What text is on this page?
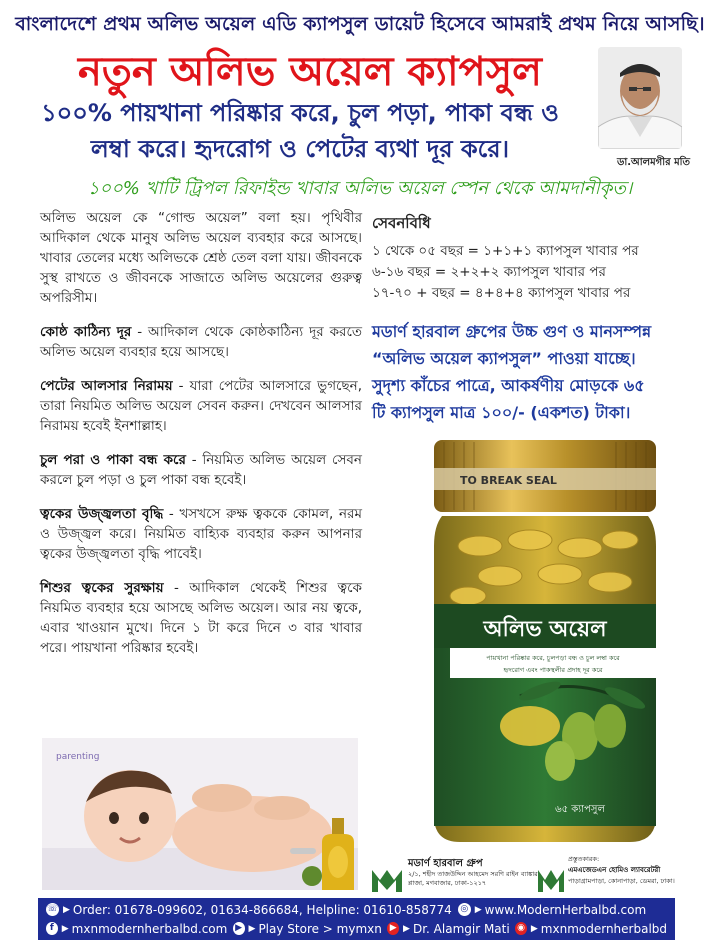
বাংলাদেশে প্রথম অলিভ অয়েল এডি ক্যাপসুল ডায়েট হিসেবে আমরাই প্রথম নিয়ে আসছি।
নতুন অলিভ অয়েল ক্যাপসুল
১০০% পায়খানা পরিষ্কার করে, চুল পড়া, পাকা বন্ধ ও
লম্বা করে। হৃদরোগ ও পেটের ব্যথা দূর করে।	ডা.আলমগীর মতি
১০০% খাটি ট্রিপল রিফাইন্ড খাবার অলিভ অয়েল স্পেন থেকে আমদানীকৃত।

অলিভ অয়েল কে “গোল্ড অয়েল” বলা হয়। পৃথিবীর আদিকাল থেকে মানুষ অলিভ অয়েল ব্যবহার করে আসছে। খাবার তেলের মধ্যে অলিভকে শ্রেষ্ঠ তেল বলা যায়। জীবনকে সুস্থ রাখতে ও জীবনকে সাজাতে অলিভ অয়েলের গুরুত্ব অপরিসীম।

কোষ্ঠ কাঠিন্য দূর - আদিকাল থেকে কোষ্ঠকাঠিন্য দূর করতে অলিভ অয়েল ব্যবহার হয়ে আসছে।

পেটের আলসার নিরাময় - যারা পেটের আলসারে ভুগছেন, তারা নিয়মিত অলিভ অয়েল সেবন করুন। দেখবেন আলসার নিরাময় হবেই ইনশাল্লাহ।

চুল পরা ও পাকা বন্ধ করে - নিয়মিত অলিভ অয়েল সেবন করলে চুল পড়া ও চুল পাকা বন্ধ হবেই।

ত্বকের উজ্জ্বলতা বৃদ্ধি - খসখসে রুক্ষ ত্বককে কোমল, নরম ও উজ্জ্বল করে। নিয়মিত বাহ্যিক ব্যবহার করুন আপনার ত্বকের উজ্জ্বলতা বৃদ্ধি পাবেই।

শিশুর ত্বকের সুরক্ষায় - আদিকাল থেকেই শিশুর ত্বকে নিয়মিত ব্যবহার হয়ে আসছে অলিভ অয়েল। আর নয় ত্বকে, এবার খাওয়ান মুখে। দিনে ১ টা করে দিনে ৩ বার খাবার পরে। পায়খানা পরিষ্কার হবেই।

সেবনবিধি
১ থেকে ০৫ বছর = ১+১+১ ক্যাপসুল খাবার পর
৬-১৬ বছর = ২+২+২ ক্যাপসুল খাবার পর
১৭-৭০ + বছর = ৪+৪+৪ ক্যাপসুল খাবার পর
মডার্ণ হারবাল গ্রুপের উচ্চ গুণ ও মানসম্পন্ন
“অলিভ অয়েল ক্যাপসুল” পাওয়া যাচ্ছে।
সুদৃশ্য কাঁচের পাত্রে, আকর্ষণীয় মোড়কে ৬৫
টি ক্যাপসুল মাত্র ১০০/- (একশত) টাকা।
TO BREAK SEAL
অলিভ অয়েল
পায়খানা পরিষ্কার করে, চুলপড়া বন্ধ ও চুল লম্বা করে
হৃদরোগ এবং পাকস্থলীর প্রদাহ দূর করে
৬৫ ক্যাপসুল
parenting
মডার্ণ হারবাল গ্রুপ
২/১, শহীদ তাজউদ্দিন আহমেদ সরণি রাইন ব্যাঙ্কার প্লাজা, মগবাজার, ঢাকা-১২১৭
প্রস্তুতকারক:
এমএজেডএন হোমিও ল্যাবরেটরী
পাড়াগ্রামপাড়া, কোনাপাড়া, ডেমরা, ঢাকা।
☏ ▶ Order: 01678-099602, 01634-866684, Helpline: 01610-858774 ◎ ▶ www.ModernHerbalbd.com
f ▶ mxnmodernherbalbd.com ▶ ▶ Play Store > mymxn ▶ ▶ Dr. Alamgir Mati ◉ ▶ mxnmodernherbalbd
